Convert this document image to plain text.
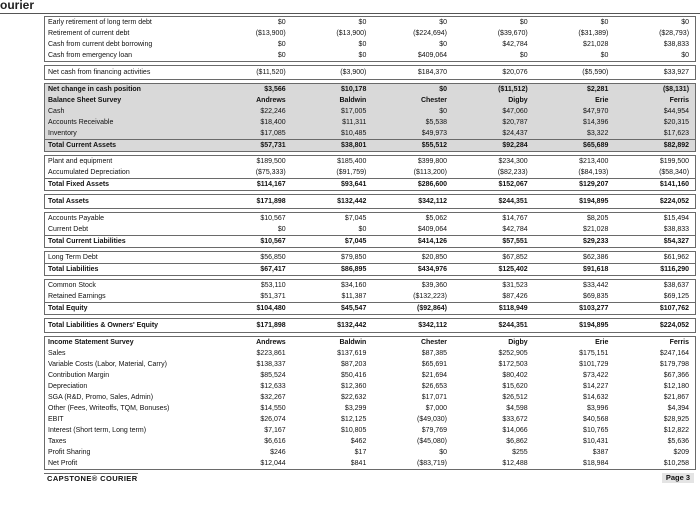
ourier
Early retirement of long term debt	$0	$0	$0	$0	$0	$0
Retirement of current debt	($13,900)	($13,900)	($224,694)	($39,670)	($31,389)	($28,793)
Cash from current debt borrowing	$0	$0	$0	$42,784	$21,028	$38,833
Cash from emergency loan	$0	$0	$409,064	$0	$0	$0
Net cash from financing activities	($11,520)	($3,900)	$184,370	$20,076	($5,590)	$33,927
Net change in cash position	$3,566	$10,178	$0	($11,512)	$2,281	($8,131)
Balance Sheet Survey	Andrews	Baldwin	Chester	Digby	Erie	Ferris
Cash	$22,246	$17,005	$0	$47,060	$47,970	$44,954
Accounts Receivable	$18,400	$11,311	$5,538	$20,787	$14,396	$20,315
Inventory	$17,085	$10,485	$49,973	$24,437	$3,322	$17,623
Total Current Assets	$57,731	$38,801	$55,512	$92,284	$65,689	$82,892
Plant and equipment	$189,500	$185,400	$399,800	$234,300	$213,400	$199,500
Accumulated Depreciation	($75,333)	($91,759)	($113,200)	($82,233)	($84,193)	($58,340)
Total Fixed Assets	$114,167	$93,641	$286,600	$152,067	$129,207	$141,160
Total Assets	$171,898	$132,442	$342,112	$244,351	$194,895	$224,052
Accounts Payable	$10,567	$7,045	$5,062	$14,767	$8,205	$15,494
Current Debt	$0	$0	$409,064	$42,784	$21,028	$38,833
Total Current Liabilities	$10,567	$7,045	$414,126	$57,551	$29,233	$54,327
Long Term Debt	$56,850	$79,850	$20,850	$67,852	$62,386	$61,962
Total Liabilities	$67,417	$86,895	$434,976	$125,402	$91,618	$116,290
Common Stock	$53,110	$34,160	$39,360	$31,523	$33,442	$38,637
Retained Earnings	$51,371	$11,387	($132,223)	$87,426	$69,835	$69,125
Total Equity	$104,480	$45,547	($92,864)	$118,949	$103,277	$107,762
Total Liabilities & Owners' Equity	$171,898	$132,442	$342,112	$244,351	$194,895	$224,052
Income Statement Survey	Andrews	Baldwin	Chester	Digby	Erie	Ferris
Sales	$223,861	$137,619	$87,385	$252,905	$175,151	$247,164
Variable Costs (Labor, Material, Carry)	$138,337	$87,203	$65,691	$172,503	$101,729	$179,798
Contribution Margin	$85,524	$50,416	$21,694	$80,402	$73,422	$67,366
Depreciation	$12,633	$12,360	$26,653	$15,620	$14,227	$12,180
SGA (R&D, Promo, Sales, Admin)	$32,267	$22,632	$17,071	$26,512	$14,632	$21,867
Other (Fees, Writeoffs, TQM, Bonuses)	$14,550	$3,299	$7,000	$4,598	$3,996	$4,394
EBIT	$26,074	$12,125	($49,030)	$33,672	$40,568	$28,925
Interest (Short term, Long term)	$7,167	$10,805	$79,769	$14,066	$10,765	$12,822
Taxes	$6,616	$462	($45,080)	$6,862	$10,431	$5,636
Profit Sharing	$246	$17	$0	$255	$387	$209
Net Profit	$12,044	$841	($83,719)	$12,488	$18,984	$10,258
CAPSTONE® COURIER	Page 3
